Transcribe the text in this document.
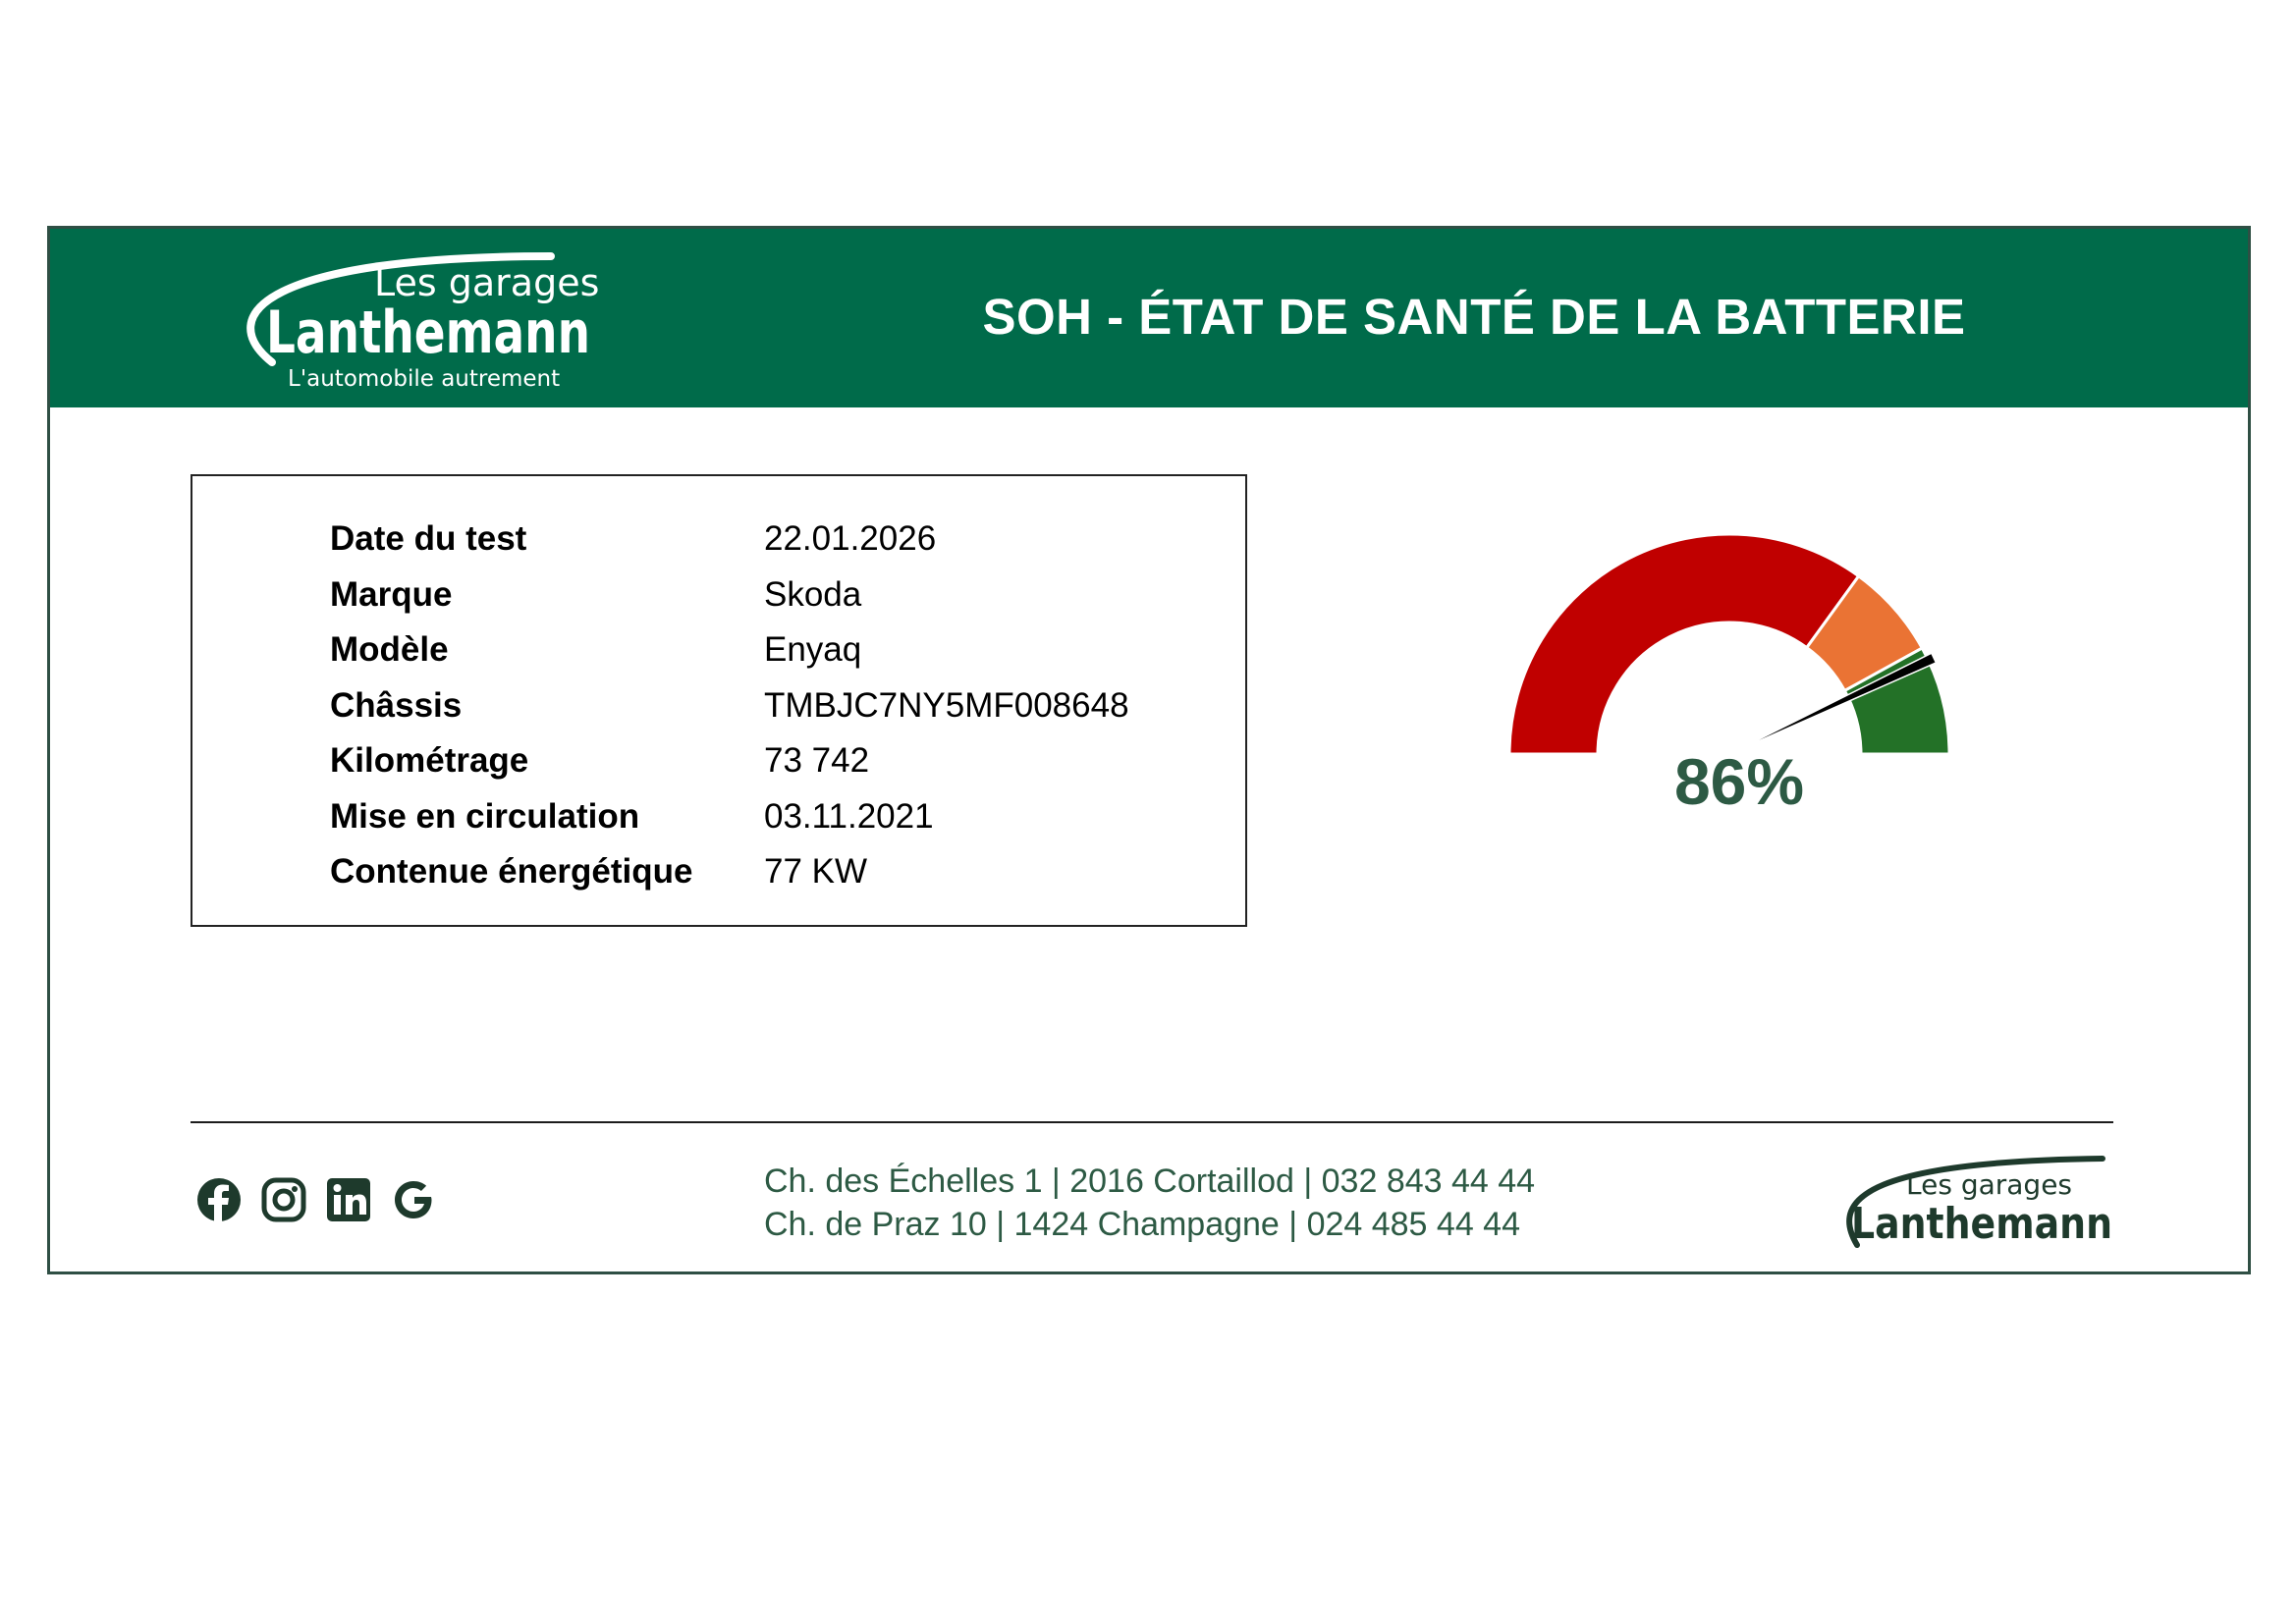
Les garages
Lanthemann
L'automobile autrement
SOH - ÉTAT DE SANTÉ DE LA BATTERIE
Date du test	22.01.2026
Marque	Skoda
Modèle	Enyaq
Châssis	TMBJC7NY5MF008648
Kilométrage	73 742
Mise en circulation	03.11.2021
Contenue énergétique 77 KW
86%
Ch. des Échelles 1 | 2016 Cortaillod | 032 843 44 44
Ch. de Praz 10 | 1424 Champagne | 024 485 44 44
Les garages
Lanthemann
